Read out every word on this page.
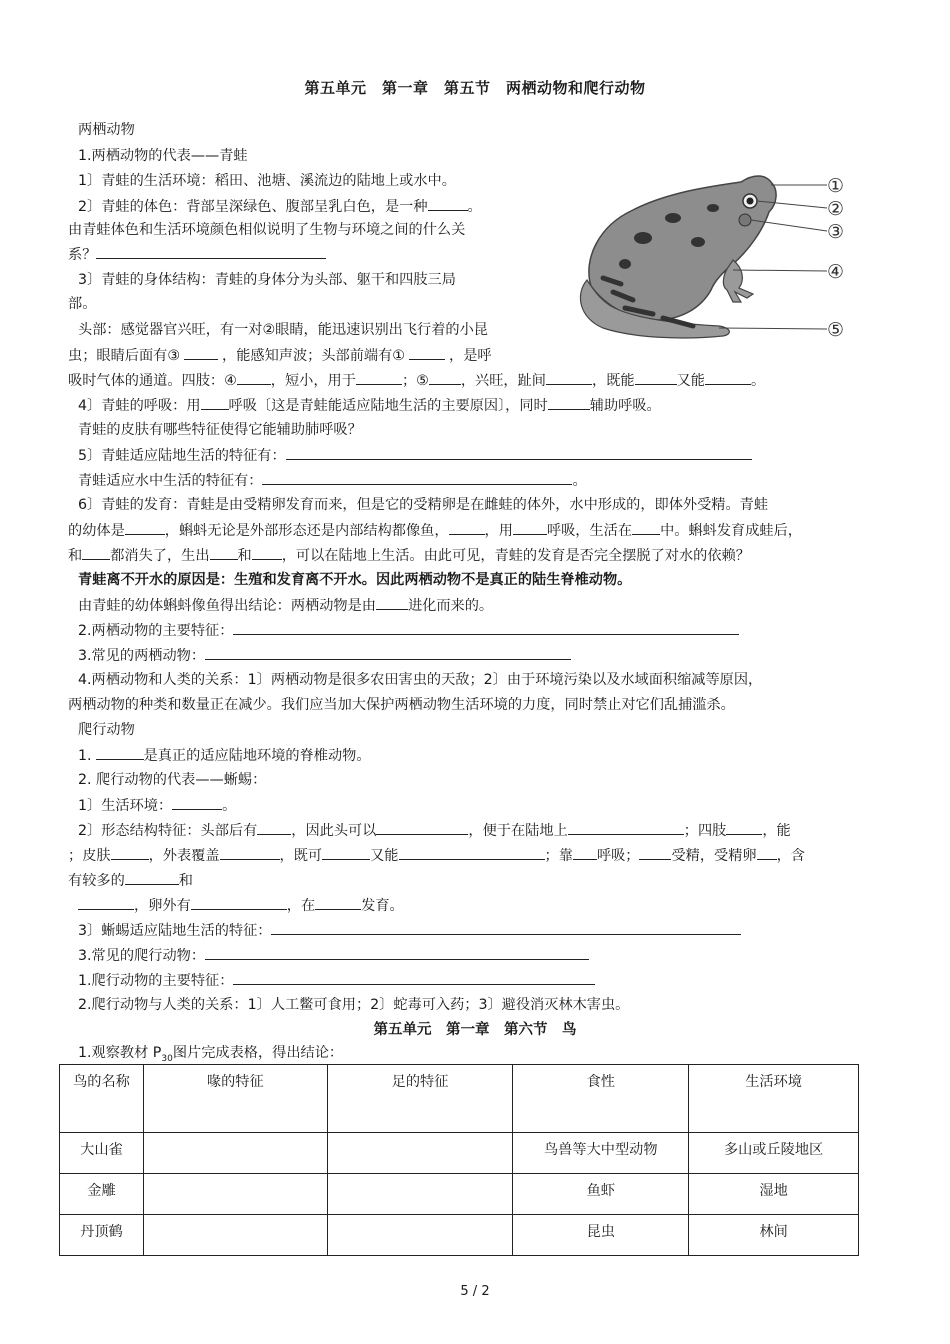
第五单元　第一章　第五节　两栖动物和爬行动物
两栖动物
1.两栖动物的代表——青蛙
1〕青蛙的生活环境：稻田、池塘、溪流边的陆地上或水中。
2〕青蛙的体色：背部呈深绿色、腹部呈乳白色，是一种	。
由青蛙体色和生活环境颜色相似说明了生物与环境之间的什么关
系？
3〕青蛙的身体结构：青蛙的身体分为头部、躯干和四肢三局
部。
头部：感觉器官兴旺，有一对②眼睛，能迅速识别出飞行着的小昆
虫；眼睛后面有③	，能感知声波；头部前端有①	，是呼
吸时气体的通道。四肢：④ ，短小，用于	；⑤ ，兴旺，趾间	，既能	又能	。
4〕青蛙的呼吸：用 呼吸〔这是青蛙能适应陆地生活的主要原因〕，同时	辅助呼吸。
青蛙的皮肤有哪些特征使得它能辅助肺呼吸？
5〕青蛙适应陆地生活的特征有：
青蛙适应水中生活的特征有：	。
6〕青蛙的发育：青蛙是由受精卵发育而来，但是它的受精卵是在雌蛙的体外，水中形成的，即体外受精。青蛙
的幼体是	，蝌蚪无论是外部形态还是内部结构都像鱼，	，用 呼吸，生活在 中。蝌蚪发育成蛙后，
和 都消失了，生出 和 ，可以在陆地上生活。由此可见，青蛙的发育是否完全摆脱了对水的依赖？
青蛙离不开水的原因是：生殖和发育离不开水。因此两栖动物不是真正的陆生脊椎动物。
由青蛙的幼体蝌蚪像鱼得出结论：两栖动物是由 进化而来的。
2.两栖动物的主要特征：
3.常见的两栖动物：
4.两栖动物和人类的关系：1〕两栖动物是很多农田害虫的天敌；2〕由于环境污染以及水域面积缩减等原因，
两栖动物的种类和数量正在减少。我们应当加大保护两栖动物生活环境的力度，同时禁止对它们乱捕滥杀。
①
②
③
④
⑤
爬行动物
1.	是真正的适应陆地环境的脊椎动物。
2. 爬行动物的代表——蜥蜴：
1〕生活环境：	。
2〕形态结构特征：头部后有 ，因此头可以	，便于在陆地上	；四肢	，能
；皮肤	，外表覆盖	，既可	又能	；靠 呼吸； 受精，受精卵 ，含
有较多的	和
，卵外有	，在	发育。
3〕蜥蜴适应陆地生活的特征：
3.常见的爬行动物：
1.爬行动物的主要特征：
2.爬行动物与人类的关系：1〕人工鳖可食用；2〕蛇毒可入药；3〕避役消灭林木害虫。
第五单元　第一章　第六节　鸟
1.观察教材 $P_{30}$图片完成表格，得出结论：
鸟的名称	喙的特征	足的特征	食性	生活环境
大山雀			鸟兽等大中型动物	多山或丘陵地区
金雕			鱼虾	湿地
丹顶鹤			昆虫	林间
5 / 2
